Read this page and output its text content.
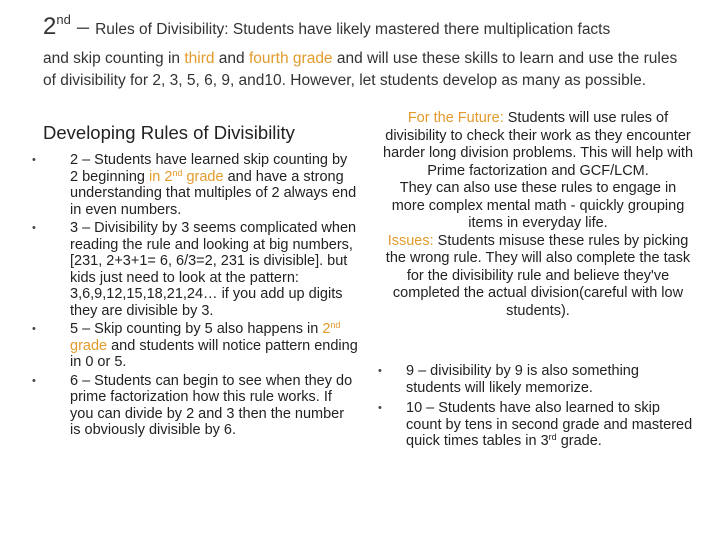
2nd – Rules of Divisibility: Students have likely mastered there multiplication facts
and skip counting in third and fourth grade and will use these skills to learn and use the rules of divisibility for 2, 3, 5, 6, 9, and10. However, let students develop as many as possible.
Developing Rules of Divisibility
• 2 – Students have learned skip counting by 2 beginning in 2nd grade and have a strong understanding that multiples of 2 always end in even numbers.
• 3 – Divisibility by 3 seems complicated when reading the rule and looking at big numbers, [231, 2+3+1= 6, 6/3=2, 231 is divisible]. but kids just need to look at the pattern: 3,6,9,12,15,18,21,24… if you add up digits they are divisible by 3.
• 5 – Skip counting by 5 also happens in 2nd grade and students will notice pattern ending in 0 or 5.
• 6 – Students can begin to see when they do prime factorization how this rule works. If you can divide by 2 and 3 then the number is obviously divisible by 6.
For the Future: Students will use rules of divisibility to check their work as they encounter harder long division problems. This will help with Prime factorization and GCF/LCM.
They can also use these rules to engage in more complex mental math - quickly grouping items in everyday life.
Issues: Students misuse these rules by picking the wrong rule. They will also complete the task for the divisibility rule and believe they've completed the actual division(careful with low students).
• 9 – divisibility by 9 is also something students will likely memorize.
• 10 – Students have also learned to skip count by tens in second grade and mastered quick times tables in 3rd grade.
